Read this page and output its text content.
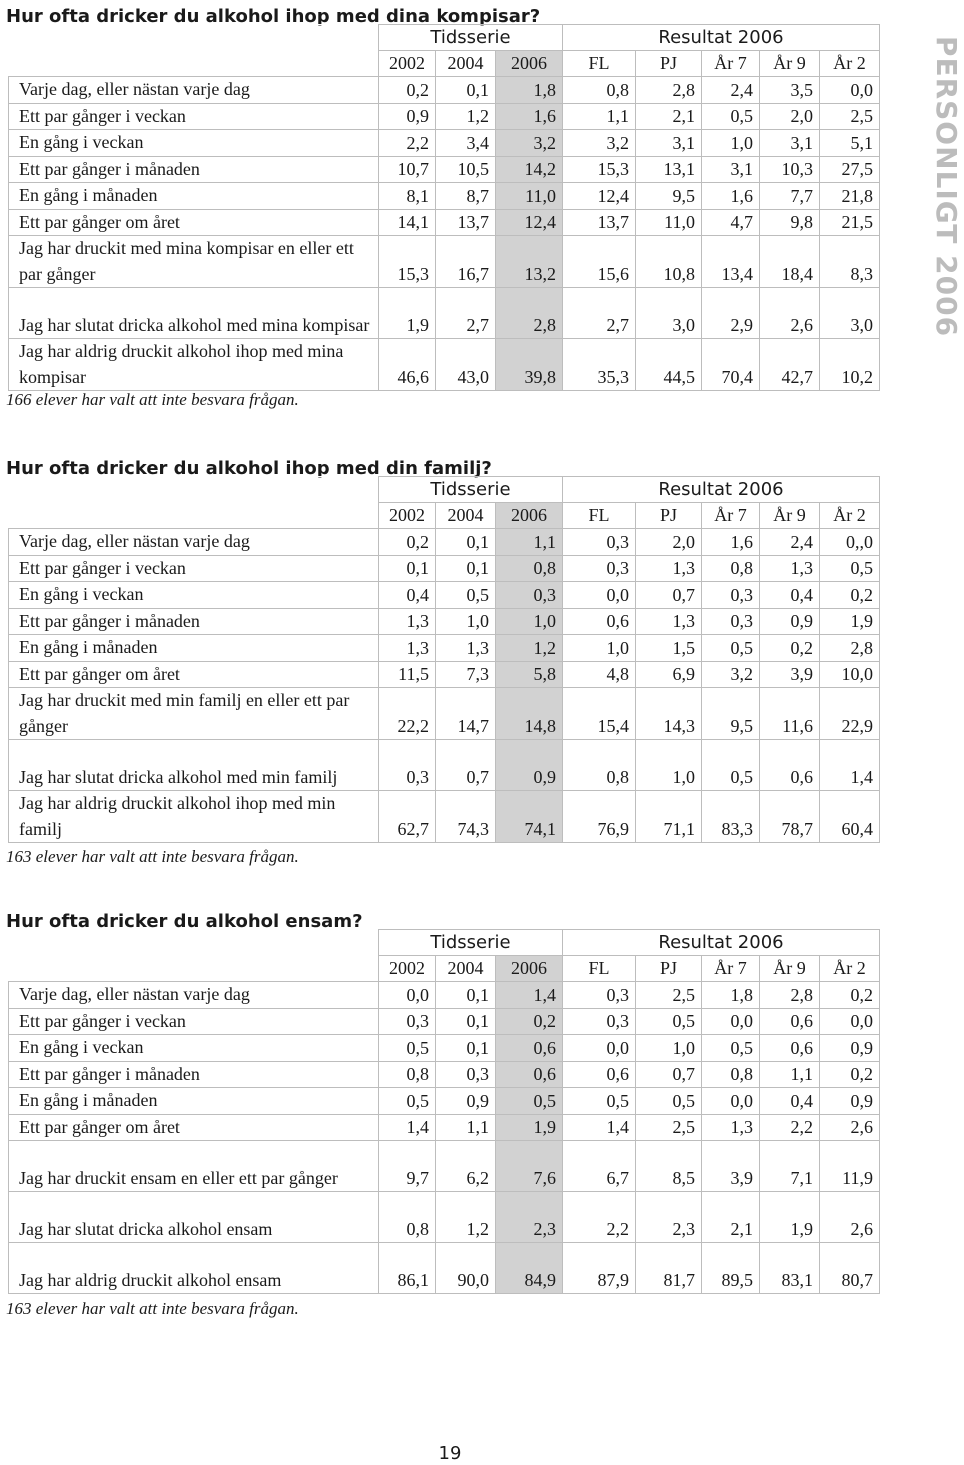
PERSONLIGT 2006
Hur ofta dricker du alkohol ihop med dina kompisar?
	Tidsserie			Resultat 2006				
	2002	2004	2006	FL	PJ	År 7	År 9	År 2
Varje dag, eller nästan varje dag	0,2	0,1	1,8	0,8	2,8	2,4	3,5	0,0
Ett par gånger i veckan	0,9	1,2	1,6	1,1	2,1	0,5	2,0	2,5
En gång i veckan	2,2	3,4	3,2	3,2	3,1	1,0	3,1	5,1
Ett par gånger i månaden	10,7	10,5	14,2	15,3	13,1	3,1	10,3	27,5
En gång i månaden	8,1	8,7	11,0	12,4	9,5	1,6	7,7	21,8
Ett par gånger om året	14,1	13,7	12,4	13,7	11,0	4,7	9,8	21,5
Jag har druckit med mina kompisar en eller ett par gånger	15,3	16,7	13,2	15,6	10,8	13,4	18,4	8,3
Jag har slutat dricka alkohol med mina kompisar	1,9	2,7	2,8	2,7	3,0	2,9	2,6	3,0
Jag har aldrig druckit alkohol ihop med mina kompisar	46,6	43,0	39,8	35,3	44,5	70,4	42,7	10,2

166 elever har valt att inte besvara frågan.

Hur ofta dricker du alkohol ihop med din familj?
	Tidsserie			Resultat 2006				
	2002	2004	2006	FL	PJ	År 7	År 9	År 2
Varje dag, eller nästan varje dag	0,2	0,1	1,1	0,3	2,0	1,6	2,4	0,,0
Ett par gånger i veckan	0,1	0,1	0,8	0,3	1,3	0,8	1,3	0,5
En gång i veckan	0,4	0,5	0,3	0,0	0,7	0,3	0,4	0,2
Ett par gånger i månaden	1,3	1,0	1,0	0,6	1,3	0,3	0,9	1,9
En gång i månaden	1,3	1,3	1,2	1,0	1,5	0,5	0,2	2,8
Ett par gånger om året	11,5	7,3	5,8	4,8	6,9	3,2	3,9	10,0
Jag har druckit med min familj en eller ett par gånger	22,2	14,7	14,8	15,4	14,3	9,5	11,6	22,9
Jag har slutat dricka alkohol med min familj	0,3	0,7	0,9	0,8	1,0	0,5	0,6	1,4
Jag har aldrig druckit alkohol ihop med min familj	62,7	74,3	74,1	76,9	71,1	83,3	78,7	60,4

163 elever har valt att inte besvara frågan.

Hur ofta dricker du alkohol ensam?
	Tidsserie			Resultat 2006				
	2002	2004	2006	FL	PJ	År 7	År 9	År 2
Varje dag, eller nästan varje dag	0,0	0,1	1,4	0,3	2,5	1,8	2,8	0,2
Ett par gånger i veckan	0,3	0,1	0,2	0,3	0,5	0,0	0,6	0,0
En gång i veckan	0,5	0,1	0,6	0,0	1,0	0,5	0,6	0,9
Ett par gånger i månaden	0,8	0,3	0,6	0,6	0,7	0,8	1,1	0,2
En gång i månaden	0,5	0,9	0,5	0,5	0,5	0,0	0,4	0,9
Ett par gånger om året	1,4	1,1	1,9	1,4	2,5	1,3	2,2	2,6
Jag har druckit ensam en eller ett par gånger	9,7	6,2	7,6	6,7	8,5	3,9	7,1	11,9
Jag har slutat dricka alkohol ensam	0,8	1,2	2,3	2,2	2,3	2,1	1,9	2,6
Jag har aldrig druckit alkohol ensam	86,1	90,0	84,9	87,9	81,7	89,5	83,1	80,7

163 elever har valt att inte besvara frågan.

19
